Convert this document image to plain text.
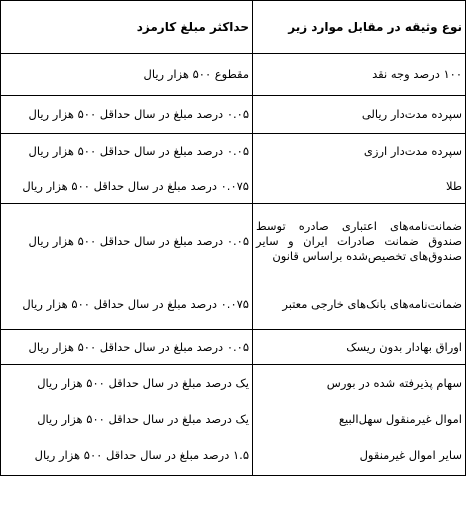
نوع وثیقه در مقابل موارد زیر	حداکثر مبلغ کارمزد
۱۰۰ درصد وجه نقد	مقطوع ۵۰۰ هزار ریال
سپرده مدت‌دار ریالی	۰.۰۵ درصد مبلغ در سال حداقل ۵۰۰ هزار ریال
سپرده مدت‌دار ارزی	۰.۰۵ درصد مبلغ در سال حداقل ۵۰۰ هزار ریال
طلا	۰.۰۷۵ درصد مبلغ در سال حداقل ۵۰۰ هزار ریال
ضمانت‌نامه‌های اعتباری صادره توسط صندوق ضمانت صادرات ایران و سایر صندوق‌های تخصیص‌شده براساس قانون	۰.۰۵ درصد مبلغ در سال حداقل ۵۰۰ هزار ریال
ضمانت‌نامه‌های بانک‌های خارجی معتبر	۰.۰۷۵ درصد مبلغ در سال حداقل ۵۰۰ هزار ریال
اوراق بهادار بدون ریسک	۰.۰۵ درصد مبلغ در سال حداقل ۵۰۰ هزار ریال
سهام پذیرفته شده در بورس	یک درصد مبلغ در سال حداقل ۵۰۰ هزار ریال
اموال غیرمنقول سهل‌البیع	یک درصد مبلغ در سال حداقل ۵۰۰ هزار ریال
سایر اموال غیرمنقول	۱.۵ درصد مبلغ در سال حداقل ۵۰۰ هزار ریال
